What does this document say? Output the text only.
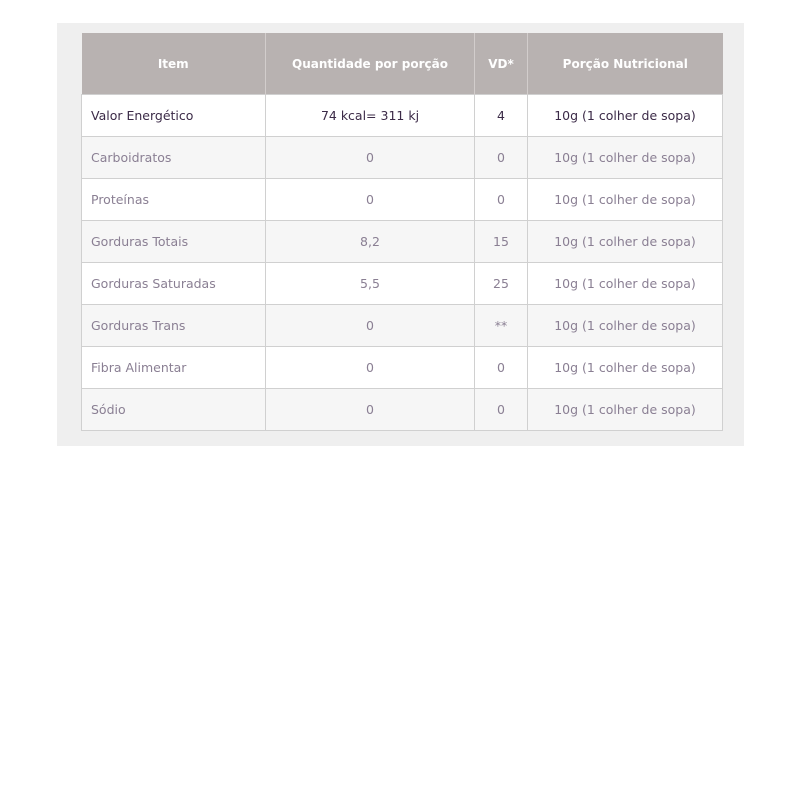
Item	Quantidade por porção	VD*	Porção Nutricional
Valor Energético	74 kcal= 311 kj	4	10g (1 colher de sopa)
Carboidratos	0	0	10g (1 colher de sopa)
Proteínas	0	0	10g (1 colher de sopa)
Gorduras Totais	8,2	15	10g (1 colher de sopa)
Gorduras Saturadas	5,5	25	10g (1 colher de sopa)
Gorduras Trans	0	**	10g (1 colher de sopa)
Fibra Alimentar	0	0	10g (1 colher de sopa)
Sódio	0	0	10g (1 colher de sopa)
